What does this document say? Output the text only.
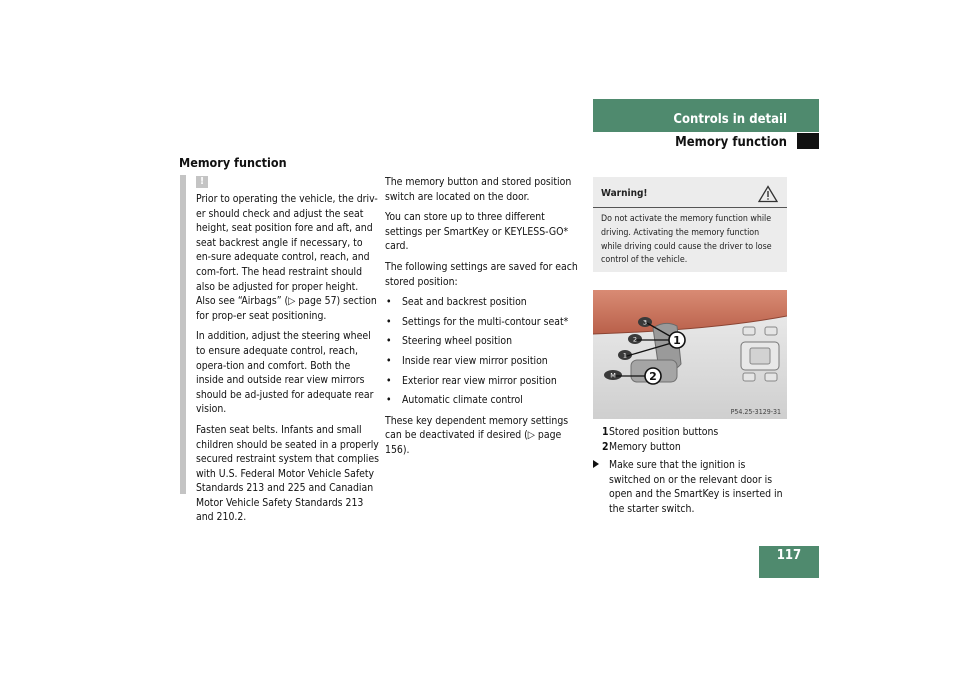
Controls in detail
Memory function
Memory function
!

Prior to operating the vehicle, the driv-er should check and adjust the seat height, seat position fore and aft, and seat backrest angle if necessary, to en-sure adequate control, reach, and com-fort. The head restraint should also be adjusted for proper height. Also see “Airbags” (▷ page 57) section for prop-er seat positioning.

In addition, adjust the steering wheel to ensure adequate control, reach, opera-tion and comfort. Both the inside and outside rear view mirrors should be ad-justed for adequate rear vision.

Fasten seat belts. Infants and small children should be seated in a properly secured restraint system that complies with U.S. Federal Motor Vehicle Safety Standards 213 and 225 and Canadian Motor Vehicle Safety Standards 213 and 210.2.

The memory button and stored position switch are located on the door.

You can store up to three different settings per SmartKey or KEYLESS-GO* card.

The following settings are saved for each stored position:

• Seat and backrest position
• Settings for the multi-contour seat*
• Steering wheel position
• Inside rear view mirror position
• Exterior rear view mirror position
• Automatic climate control

These key dependent memory settings can be deactivated if desired (▷ page 156).

Warning!
Do not activate the memory function while driving. Activating the memory function while driving could cause the driver to lose control of the vehicle.
3
2
1
M
1
2
P54.25-3129-31
1Stored position buttons
2Memory button
Make sure that the ignition is switched on or the relevant door is open and the SmartKey is inserted in the starter switch.
117
